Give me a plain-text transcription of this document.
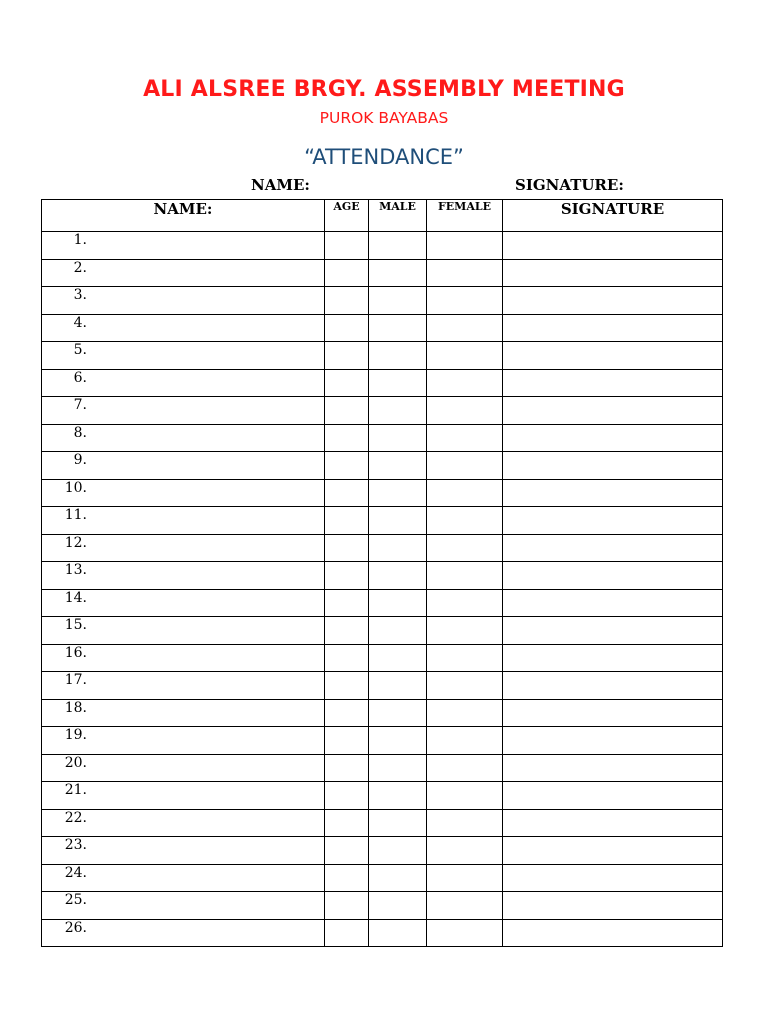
ALI ALSREE BRGY. ASSEMBLY MEETING
PUROK BAYABAS
“ATTENDANCE”
NAME:	SIGNATURE:
NAME:	AGE	MALE	FEMALE	SIGNATURE
1.				
2.				
3.				
4.				
5.				
6.				
7.				
8.				
9.				
10.				
11.				
12.				
13.				
14.				
15.				
16.				
17.				
18.				
19.				
20.				
21.				
22.				
23.				
24.				
25.				
26.				
